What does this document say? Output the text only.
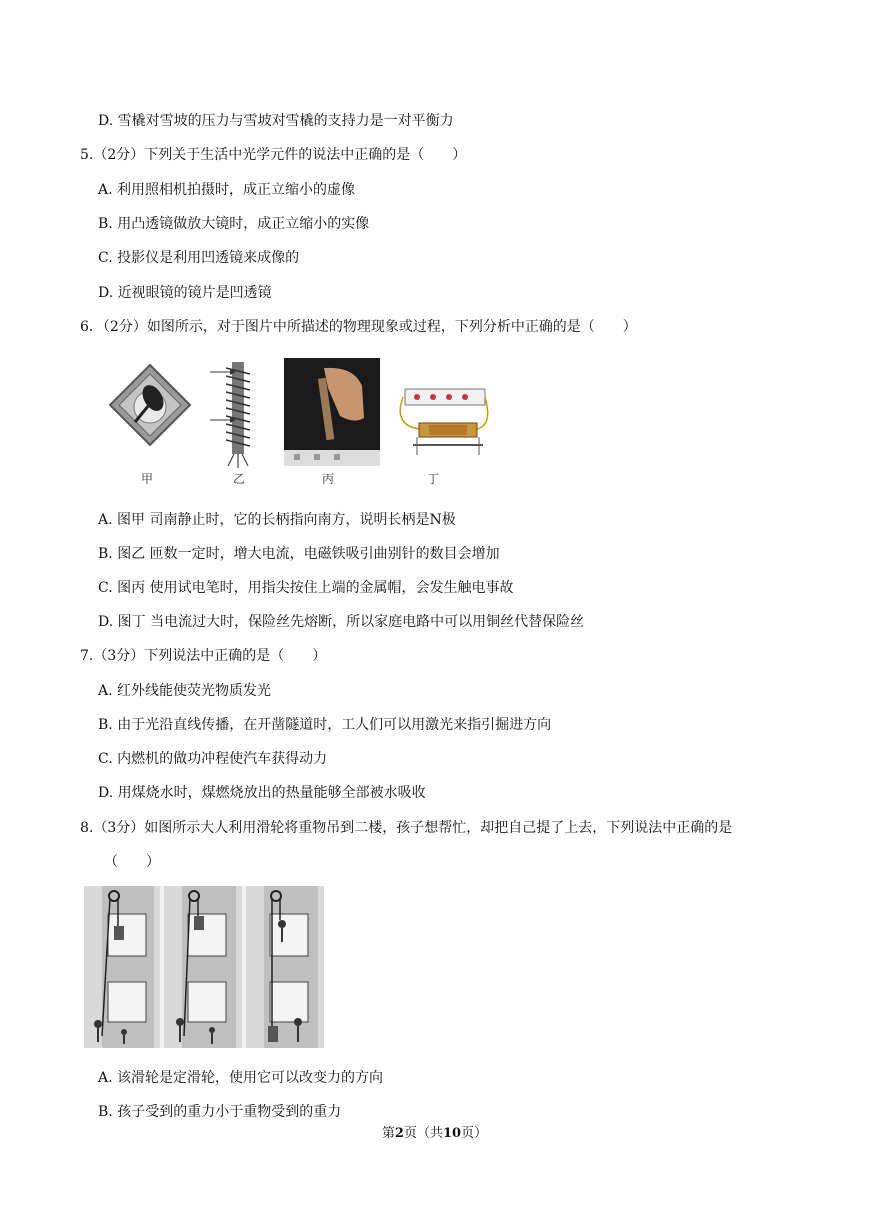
D. 雪橇对雪坡的压力与雪坡对雪橇的支持力是一对平衡力
5.（2分）下列关于生活中光学元件的说法中正确的是（　　）
A. 利用照相机拍摄时，成正立缩小的虚像
B. 用凸透镜做放大镜时，成正立缩小的实像
C. 投影仪是利用凹透镜来成像的
D. 近视眼镜的镜片是凹透镜
6．（2分）如图所示，对于图片中所描述的物理现象或过程，下列分析中正确的是（　　）
甲	乙	丙	丁
A. 图甲 司南静止时，它的长柄指向南方，说明长柄是N极
B. 图乙 匝数一定时，增大电流，电磁铁吸引曲别针的数目会增加
C. 图丙 使用试电笔时，用指尖按住上端的金属帽，会发生触电事故
D. 图丁 当电流过大时，保险丝先熔断，所以家庭电路中可以用铜丝代替保险丝
7.（3分）下列说法中正确的是（　　）
A. 红外线能使荧光物质发光
B. 由于光沿直线传播，在开凿隧道时，工人们可以用激光来指引掘进方向
C. 内燃机的做功冲程使汽车获得动力
D. 用煤烧水时，煤燃烧放出的热量能够全部被水吸收
8.（3分）如图所示大人利用滑轮将重物吊到二楼，孩子想帮忙，却把自己提了上去，下列说法中正确的是
（　　）
A. 该滑轮是定滑轮，使用它可以改变力的方向
B. 孩子受到的重力小于重物受到的重力
第2页（共10页）
